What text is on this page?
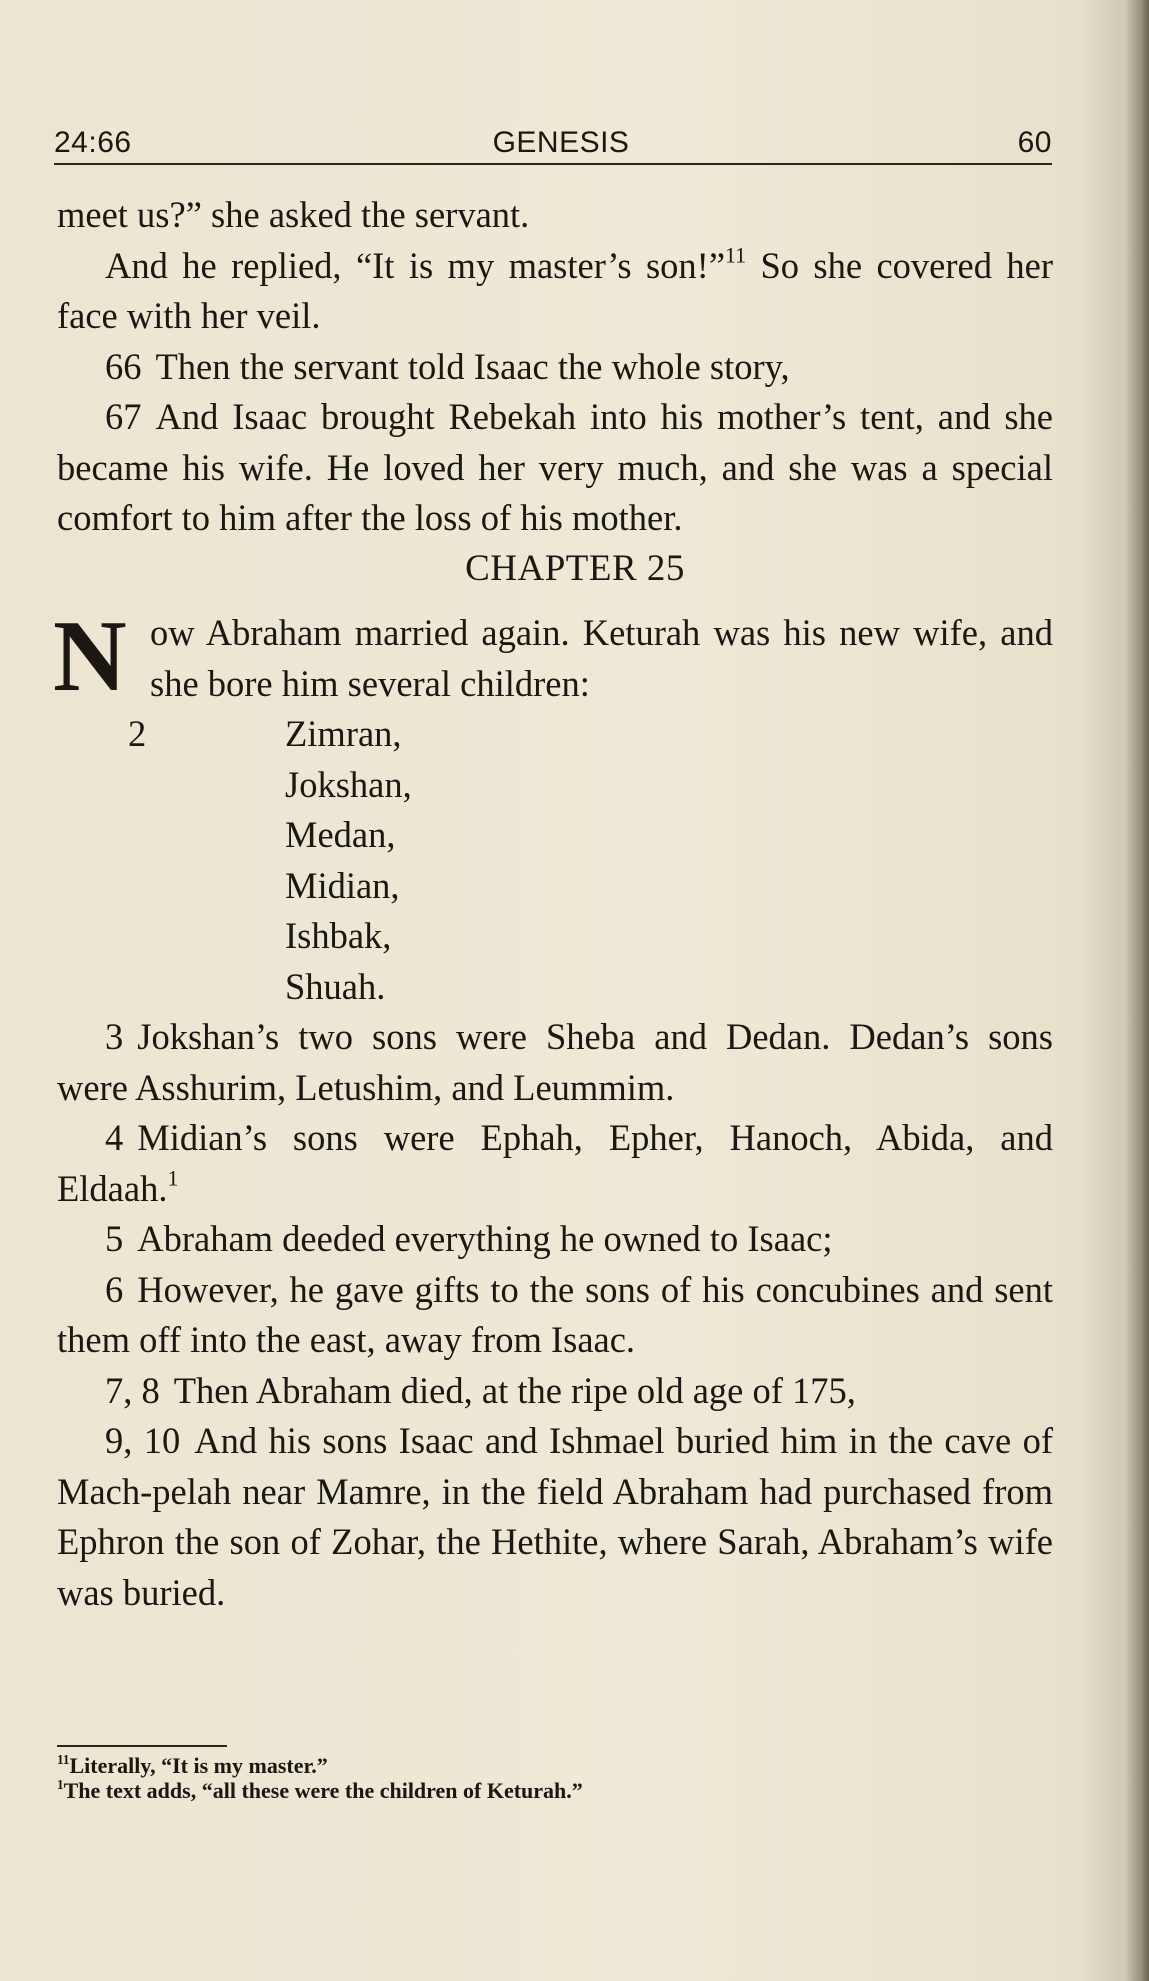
24:66	GENESIS	60

meet us?” she asked the servant.

And he replied, “It is my master’s son!”$^{11}$ So she covered her face with her veil.

66 Then the servant told Isaac the whole story,

67 And Isaac brought Rebekah into his mother’s tent, and she became his wife. He loved her very much, and she was a special comfort to him after the loss of his mother.

CHAPTER 25

N ow Abraham married again. Keturah was his new wife, and she bore him several children:

2	Zimran,
Jokshan,
Medan,
Midian,
Ishbak,
Shuah.

3 Jokshan’s two sons were Sheba and Dedan. Dedan’s sons were Asshurim, Letushim, and Leummim.

4 Midian’s sons were Ephah, Epher, Hanoch, Abida, and Eldaah.$^1$

5 Abraham deeded everything he owned to Isaac;

6 However, he gave gifts to the sons of his concubines and sent them off into the east, away from Isaac.

7, 8 Then Abraham died, at the ripe old age of 175,

9, 10 And his sons Isaac and Ishmael buried him in the cave of Mach-pelah near Mamre, in the field Abraham had purchased from Ephron the son of Zohar, the Hethite, where Sarah, Abraham’s wife was buried.

$^{11}$Literally, “It is my master.”

$^1$The text adds, “all these were the children of Keturah.”
